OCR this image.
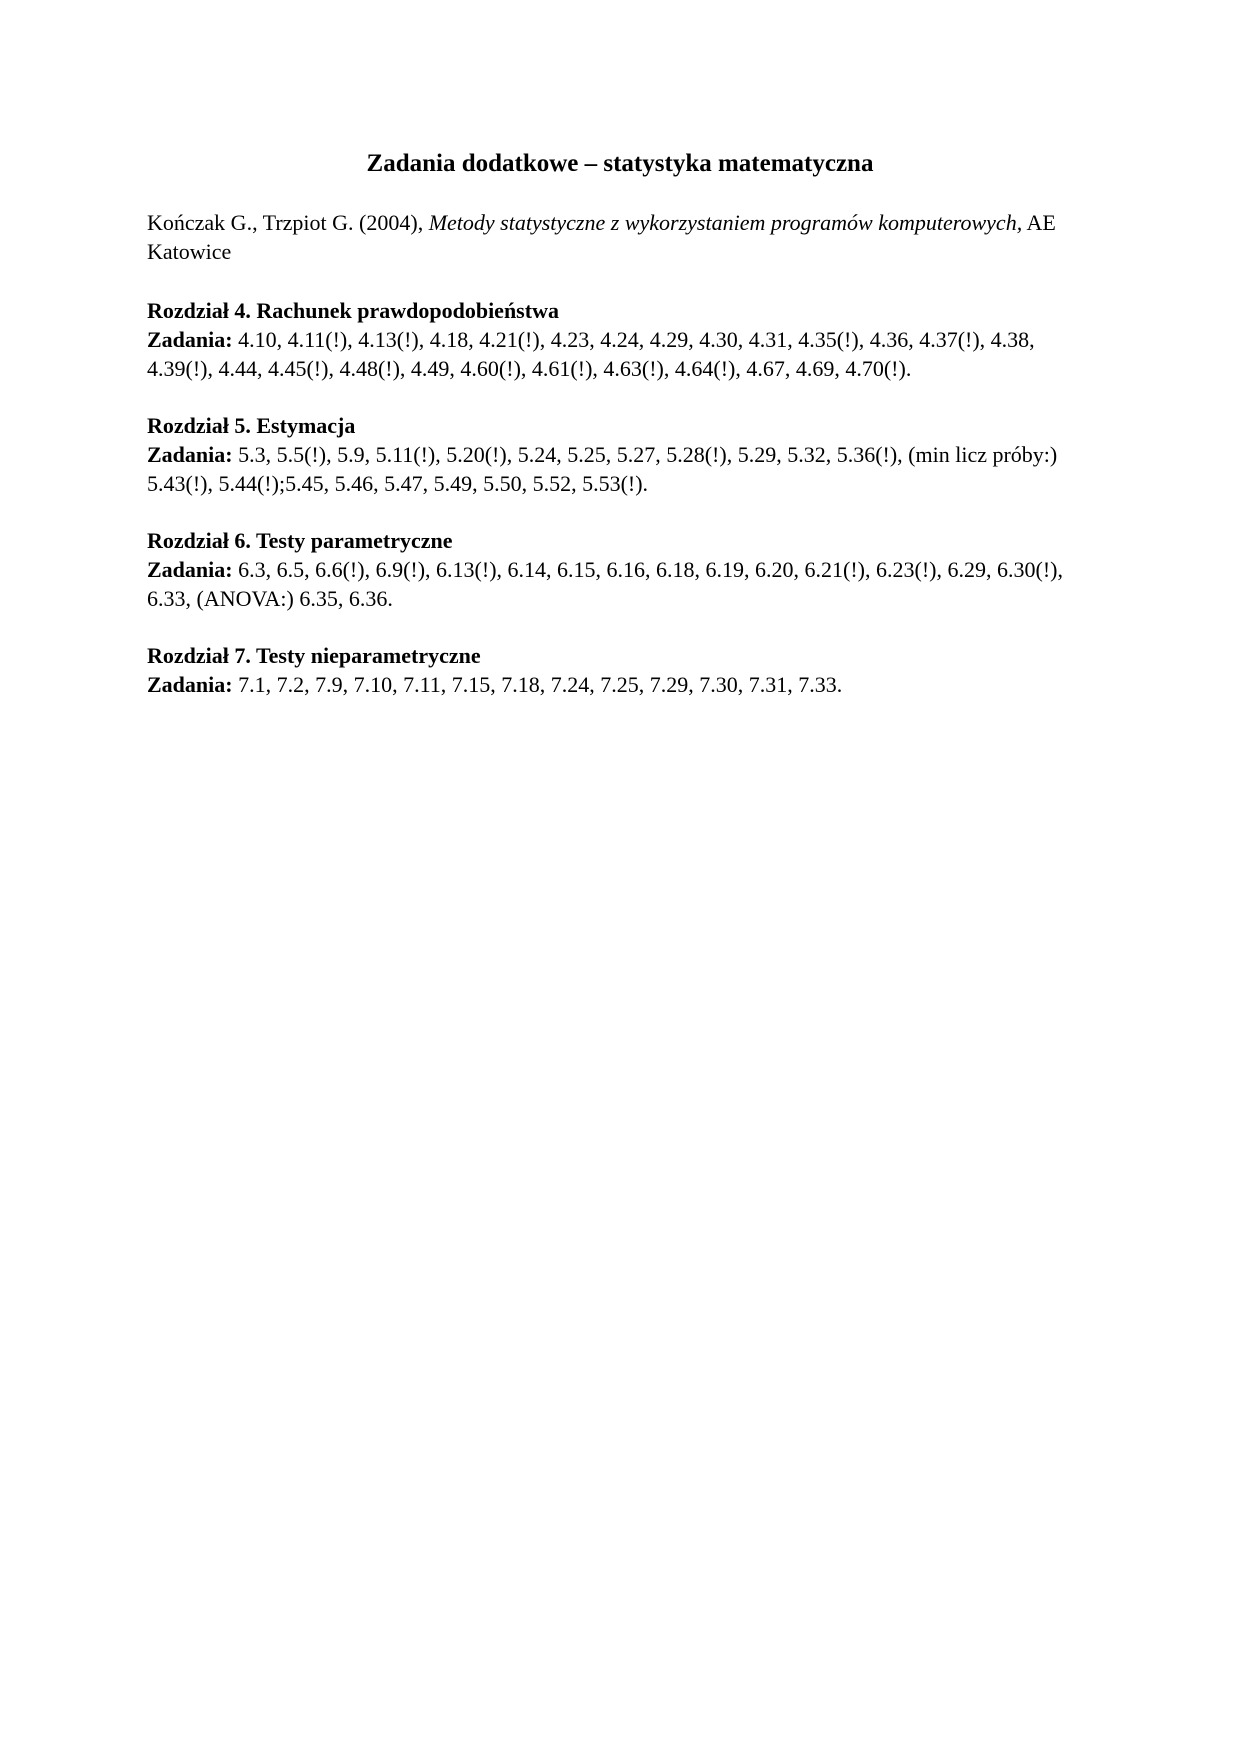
Zadania dodatkowe – statystyka matematyczna

Kończak G., Trzpiot G. (2004), Metody statystyczne z wykorzystaniem programów komputerowych, AE Katowice

Rozdział 4. Rachunek prawdopodobieństwa

Zadania: 4.10, 4.11(!), 4.13(!), 4.18, 4.21(!), 4.23, 4.24, 4.29, 4.30, 4.31, 4.35(!), 4.36, 4.37(!), 4.38, 4.39(!), 4.44, 4.45(!), 4.48(!), 4.49, 4.60(!), 4.61(!), 4.63(!), 4.64(!), 4.67, 4.69, 4.70(!).

Rozdział 5. Estymacja

Zadania: 5.3, 5.5(!), 5.9, 5.11(!), 5.20(!), 5.24, 5.25, 5.27, 5.28(!), 5.29, 5.32, 5.36(!), (min licz próby:) 5.43(!), 5.44(!);5.45, 5.46, 5.47, 5.49, 5.50, 5.52, 5.53(!).

Rozdział 6. Testy parametryczne

Zadania: 6.3, 6.5, 6.6(!), 6.9(!), 6.13(!), 6.14, 6.15, 6.16, 6.18, 6.19, 6.20, 6.21(!), 6.23(!), 6.29, 6.30(!), 6.33, (ANOVA:) 6.35, 6.36.

Rozdział 7. Testy nieparametryczne

Zadania: 7.1, 7.2, 7.9, 7.10, 7.11, 7.15, 7.18, 7.24, 7.25, 7.29, 7.30, 7.31, 7.33.
